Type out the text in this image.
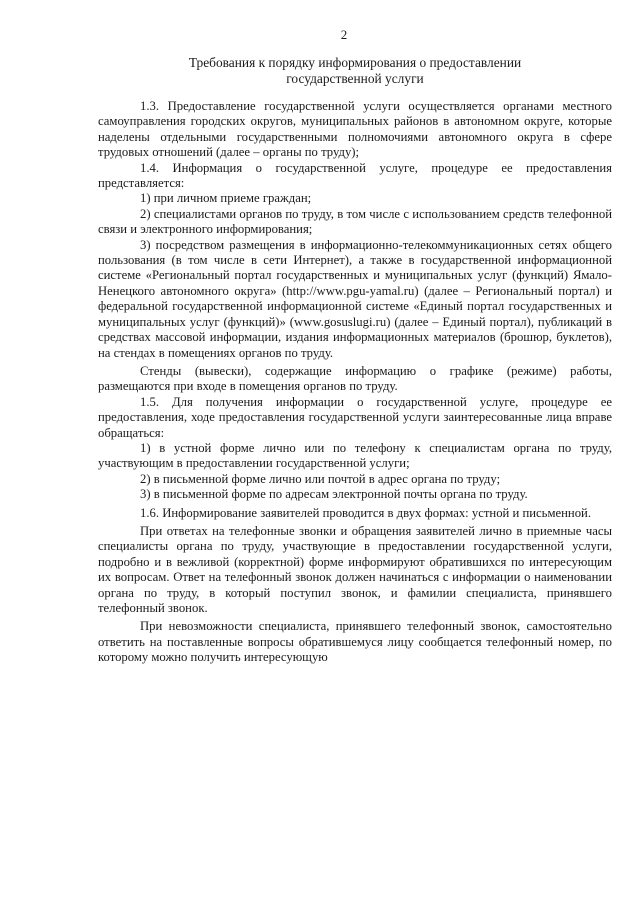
2
Требования к порядку информирования о предоставлении
государственной услуги

1.3. Предоставление государственной услуги осуществляется органами местного самоуправления городских округов, муниципальных районов в автономном округе, которые наделены отдельными государственными полномочиями автономного округа в сфере трудовых отношений (далее – органы по труду);

1.4. Информация о государственной услуге, процедуре ее предоставления представляется:

1) при личном приеме граждан;

2) специалистами органов по труду, в том числе с использованием средств телефонной связи и электронного информирования;

3) посредством размещения в информационно-телекоммуникационных сетях общего пользования (в том числе в сети Интернет), а также в государственной информационной системе «Региональный портал государственных и муниципальных услуг (функций) Ямало-Ненецкого автономного округа» (http://www.pgu-yamal.ru) (далее – Региональный портал) и федеральной государственной информационной системе «Единый портал государственных и муниципальных услуг (функций)» (www.gosuslugi.ru) (далее – Единый портал), публикаций в средствах массовой информации, издания информационных материалов (брошюр, буклетов), на стендах в помещениях органов по труду.

Стенды (вывески), содержащие информацию о графике (режиме) работы, размещаются при входе в помещения органов по труду.

1.5. Для получения информации о государственной услуге, процедуре ее предоставления, ходе предоставления государственной услуги заинтересованные лица вправе обращаться:

1) в устной форме лично или по телефону к специалистам органа по труду, участвующим в предоставлении государственной услуги;

2) в письменной форме лично или почтой в адрес органа по труду;

3) в письменной форме по адресам электронной почты органа по труду.

1.6. Информирование заявителей проводится в двух формах: устной и письменной.

При ответах на телефонные звонки и обращения заявителей лично в приемные часы специалисты органа по труду, участвующие в предоставлении государственной услуги, подробно и в вежливой (корректной) форме информируют обратившихся по интересующим их вопросам. Ответ на телефонный звонок должен начинаться с информации о наименовании органа по труду, в который поступил звонок, и фамилии специалиста, принявшего телефонный звонок.

При невозможности специалиста, принявшего телефонный звонок, самостоятельно ответить на поставленные вопросы обратившемуся лицу сообщается телефонный номер, по которому можно получить интересующую
